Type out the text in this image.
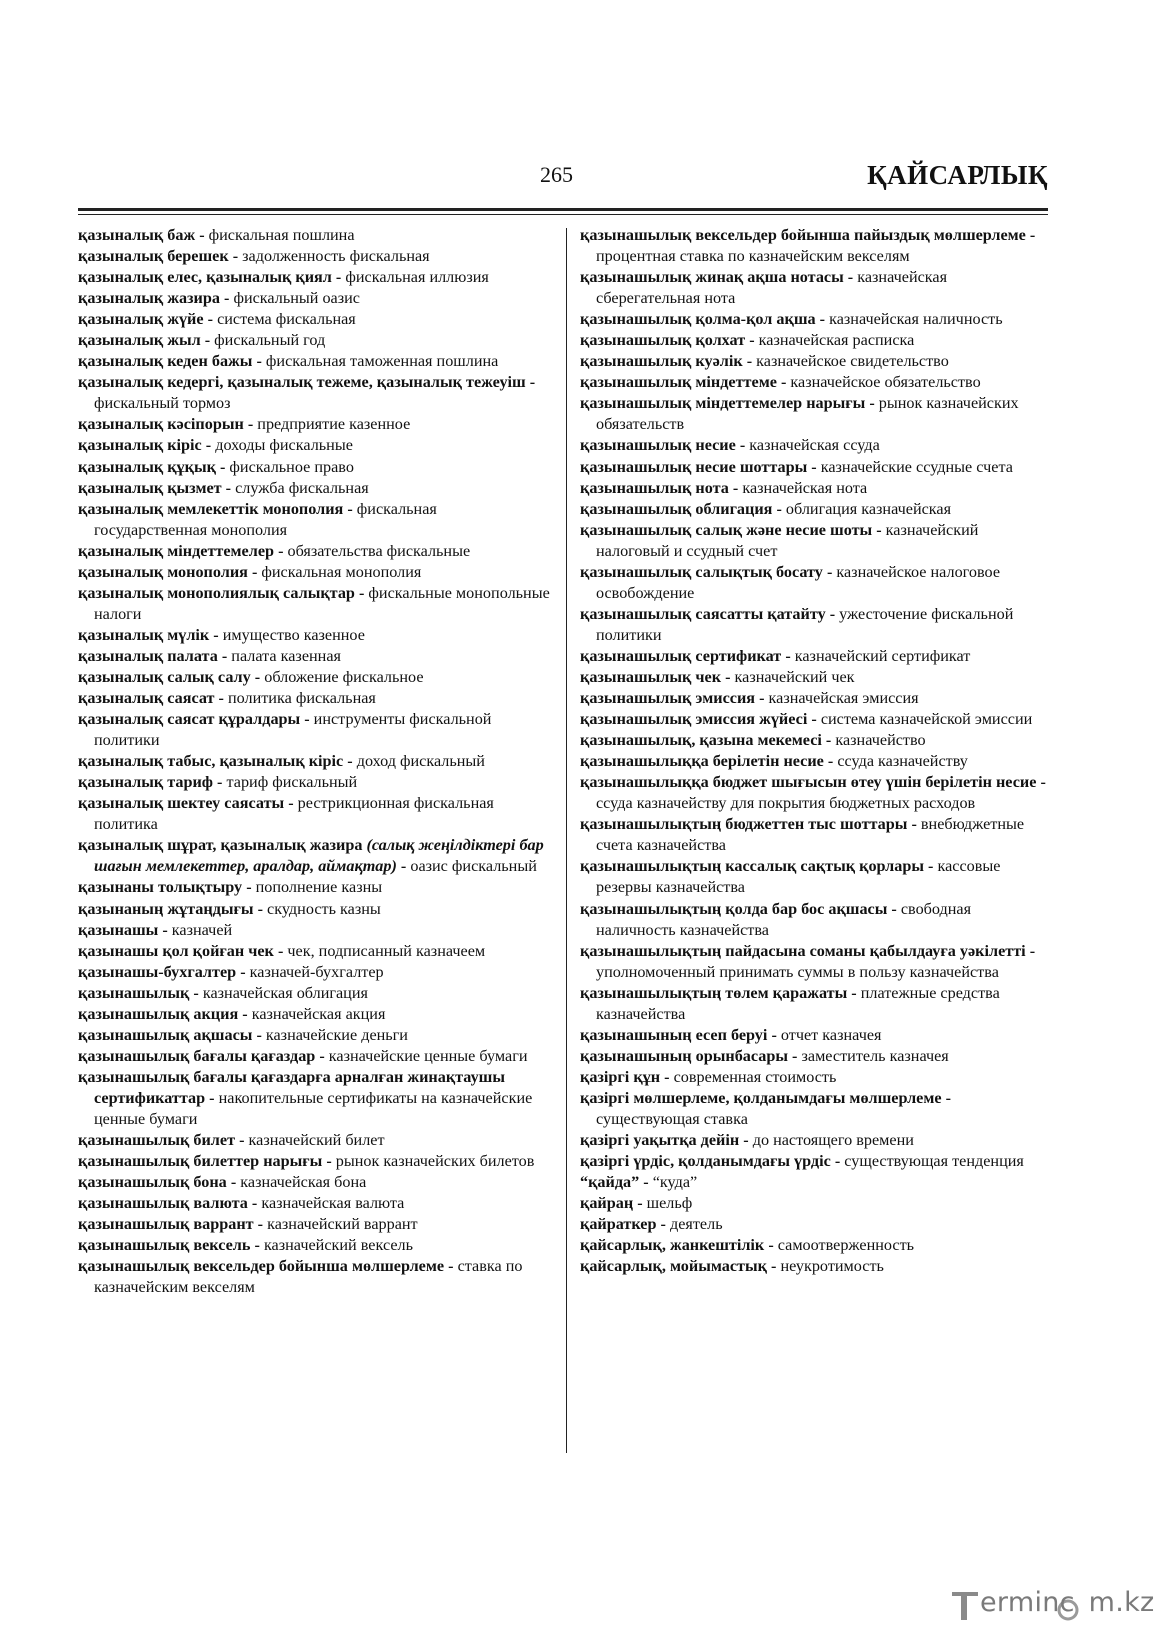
265	ҚАЙСАРЛЫҚ

қазыналық баж - фискальная пошлина

қазыналық берешек - задолженность фискальная

қазыналық елес, қазыналық қиял - фискальная иллюзия

қазыналық жазира - фискальный оазис

қазыналық жүйе - система фискальная

қазыналық жыл - фискальный год

қазыналық кеден бажы - фискальная таможенная пошлина

қазыналық кедергі, қазыналық тежеме, қазыналық тежеуіш - фискальный тормоз

қазыналық кәсіпорын - предприятие казенное

қазыналық кіріс - доходы фискальные

қазыналық құқық - фискальное право

қазыналық қызмет - служба фискальная

қазыналық мемлекеттік монополия - фискальная государственная монополия

қазыналық міндеттемелер - обязательства фискальные

қазыналық монополия - фискальная монополия

қазыналық монополиялық салықтар - фискальные монопольные налоги

қазыналық мүлік - имущество казенное

қазыналық палата - палата казенная

қазыналық салық салу - обложение фискальное

қазыналық саясат - политика фискальная

қазыналық саясат құралдары - инструменты фискальной политики

қазыналық табыс, қазыналық кіріс - доход фискальный

қазыналық тариф - тариф фискальный

қазыналық шектеу саясаты - рестрикционная фискальная политика

қазыналық шұрат, қазыналық жазира (салық жеңілдіктері бар шағын мемлекеттер, аралдар, аймақтар) - оазис фискальный

қазынаны толықтыру - пополнение казны

қазынаның жұтаңдығы - скудность казны

қазынашы - казначей

қазынашы қол қойған чек - чек, подписанный казначеем

қазынашы-бухгалтер - казначей-бухгалтер

қазынашылық - казначейская облигация

қазынашылық акция - казначейская акция

қазынашылық ақшасы - казначейские деньги

қазынашылық бағалы қағаздар - казначейские ценные бумаги

қазынашылық бағалы қағаздарға арналған жинақтаушы сертификаттар - накопительные сертификаты на казначейские ценные бумаги

қазынашылық билет - казначейский билет

қазынашылық билеттер нарығы - рынок казначейских билетов

қазынашылық бона - казначейская бона

қазынашылық валюта - казначейская валюта

қазынашылық варрант - казначейский варрант

қазынашылық вексель - казначейский вексель

қазынашылық вексельдер бойынша мөлшерлеме - ставка по казначейским векселям

қазынашылық вексельдер бойынша пайыздық мөлшерлеме - процентная ставка по казначейским векселям

қазынашылық жинақ ақша нотасы - казначейская сберегательная нота

қазынашылық қолма-қол ақша - казначейская наличность

қазынашылық қолхат - казначейская расписка

қазынашылық куәлік - казначейское свидетельство

қазынашылық міндеттеме - казначейское обязательство

қазынашылық міндеттемелер нарығы - рынок казначейских обязательств

қазынашылық несие - казначейская ссуда

қазынашылық несие шоттары - казначейские ссудные счета

қазынашылық нота - казначейская нота

қазынашылық облигация - облигация казначейская

қазынашылық салық және несие шоты - казначейский налоговый и ссудный счет

қазынашылық салықтық босату - казначейское налоговое освобождение

қазынашылық саясатты қатайту - ужесточение фискальной политики

қазынашылық сертификат - казначейский сертификат

қазынашылық чек - казначейский чек

қазынашылық эмиссия - казначейская эмиссия

қазынашылық эмиссия жүйесі - система казначейской эмиссии

қазынашылық, қазына мекемесі - казначейство

қазынашылыққа берілетін несие - ссуда казначейству

қазынашылыққа бюджет шығысын өтеу үшін берілетін несие - ссуда казначейству для покрытия бюджетных расходов

қазынашылықтың бюджеттен тыс шоттары - внебюджетные счета казначейства

қазынашылықтың кассалық сақтық қорлары - кассовые резервы казначейства

қазынашылықтың қолда бар бос ақшасы - свободная наличность казначейства

қазынашылықтың пайдасына соманы қабылдауға уәкілетті - уполномоченный принимать суммы в пользу казначейства

қазынашылықтың төлем қаражаты - платежные средства казначейства

қазынашының есеп беруі - отчет казначея

қазынашының орынбасары - заместитель казначея

қазіргі құн - современная стоимость

қазіргі мөлшерлеме, қолданымдағы мөлшерлеме - существующая ставка

қазіргі уақытқа дейін - до настоящего времени

қазіргі үрдіс, қолданымдағы үрдіс - существующая тенденция

“қайда” - “куда”

қайраң - шельф

қайраткер - деятель

қайсарлық, жанкештілік - самоотверженность

қайсарлық, мойымастық - неукротимость

erminc m.kz
